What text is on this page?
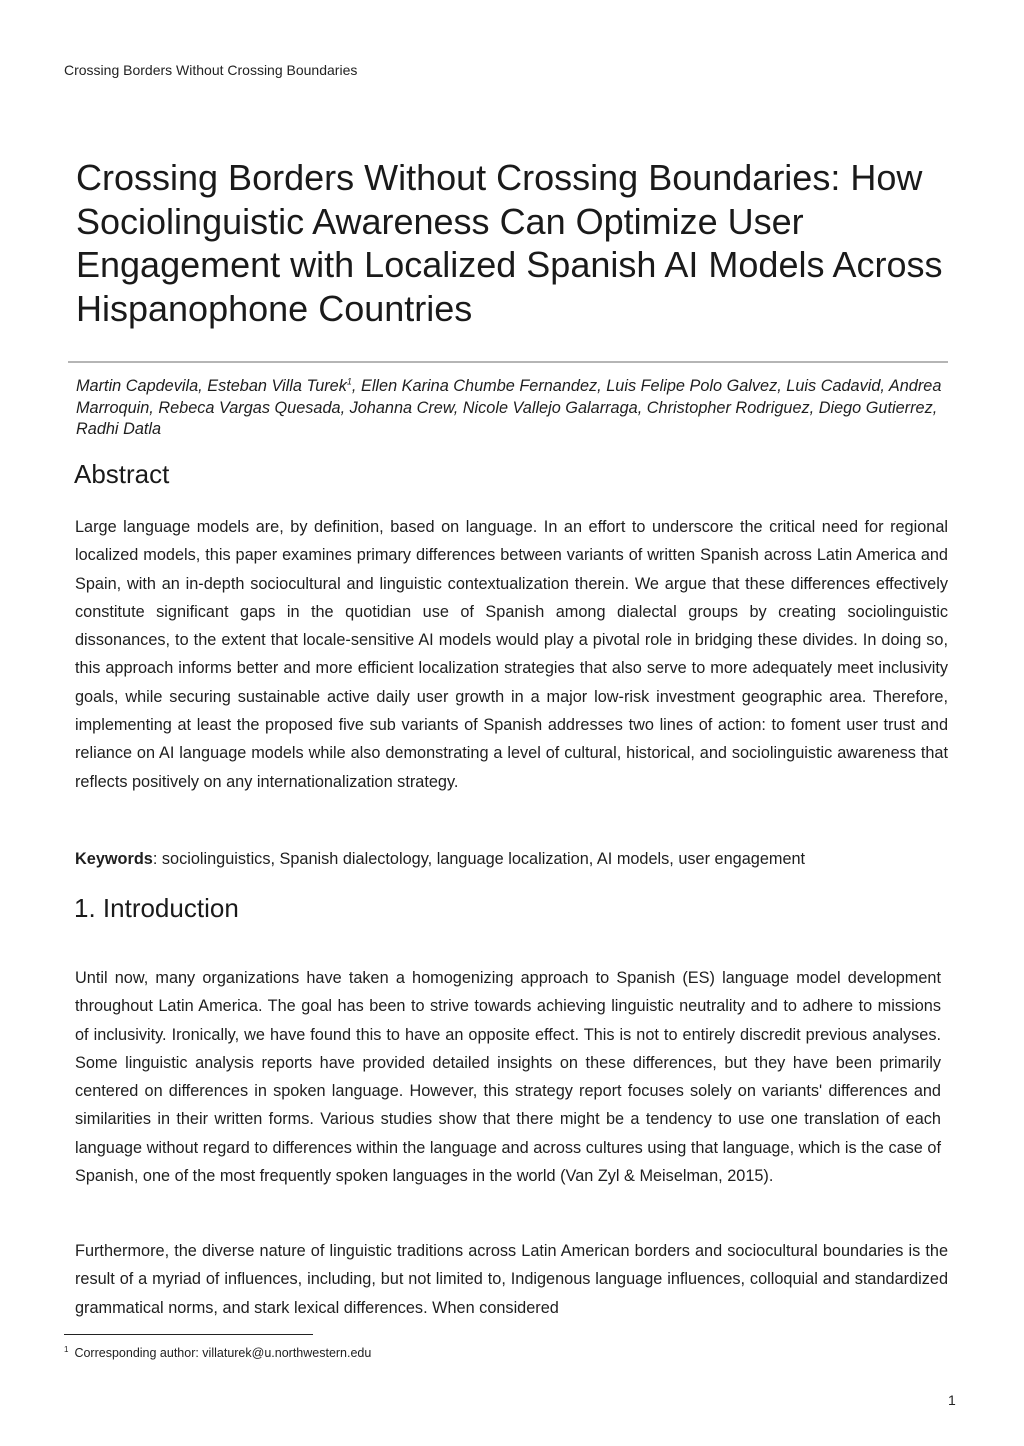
Crossing Borders Without Crossing Boundaries
Crossing Borders Without Crossing Boundaries: How Sociolinguistic Awareness Can Optimize User Engagement with Localized Spanish AI Models Across Hispanophone Countries
Martin Capdevila, Esteban Villa Turek$^1$, Ellen Karina Chumbe Fernandez, Luis Felipe Polo Galvez, Luis Cadavid, Andrea Marroquin, Rebeca Vargas Quesada, Johanna Crew, Nicole Vallejo Galarraga, Christopher Rodriguez, Diego Gutierrez, Radhi Datla
Abstract

Large language models are, by definition, based on language. In an effort to underscore the critical need for regional localized models, this paper examines primary differences between variants of written Spanish across Latin America and Spain, with an in-depth sociocultural and linguistic contextualization therein. We argue that these differences effectively constitute significant gaps in the quotidian use of Spanish among dialectal groups by creating sociolinguistic dissonances, to the extent that locale-sensitive AI models would play a pivotal role in bridging these divides. In doing so, this approach informs better and more efficient localization strategies that also serve to more adequately meet inclusivity goals, while securing sustainable active daily user growth in a major low-risk investment geographic area. Therefore, implementing at least the proposed five sub variants of Spanish addresses two lines of action: to foment user trust and reliance on AI language models while also demonstrating a level of cultural, historical, and sociolinguistic awareness that reflects positively on any internationalization strategy.

Keywords: sociolinguistics, Spanish dialectology, language localization, AI models, user engagement

1. Introduction

Until now, many organizations have taken a homogenizing approach to Spanish (ES) language model development throughout Latin America. The goal has been to strive towards achieving linguistic neutrality and to adhere to missions of inclusivity. Ironically, we have found this to have an opposite effect. This is not to entirely discredit previous analyses. Some linguistic analysis reports have provided detailed insights on these differences, but they have been primarily centered on differences in spoken language. However, this strategy report focuses solely on variants' differences and similarities in their written forms. Various studies show that there might be a tendency to use one translation of each language without regard to differences within the language and across cultures using that language, which is the case of Spanish, one of the most frequently spoken languages in the world (Van Zyl & Meiselman, 2015).

Furthermore, the diverse nature of linguistic traditions across Latin American borders and sociocultural boundaries is the result of a myriad of influences, including, but not limited to, Indigenous language influences, colloquial and standardized grammatical norms, and stark lexical differences. When considered

$^1$ Corresponding author: villaturek@u.northwestern.edu
1
